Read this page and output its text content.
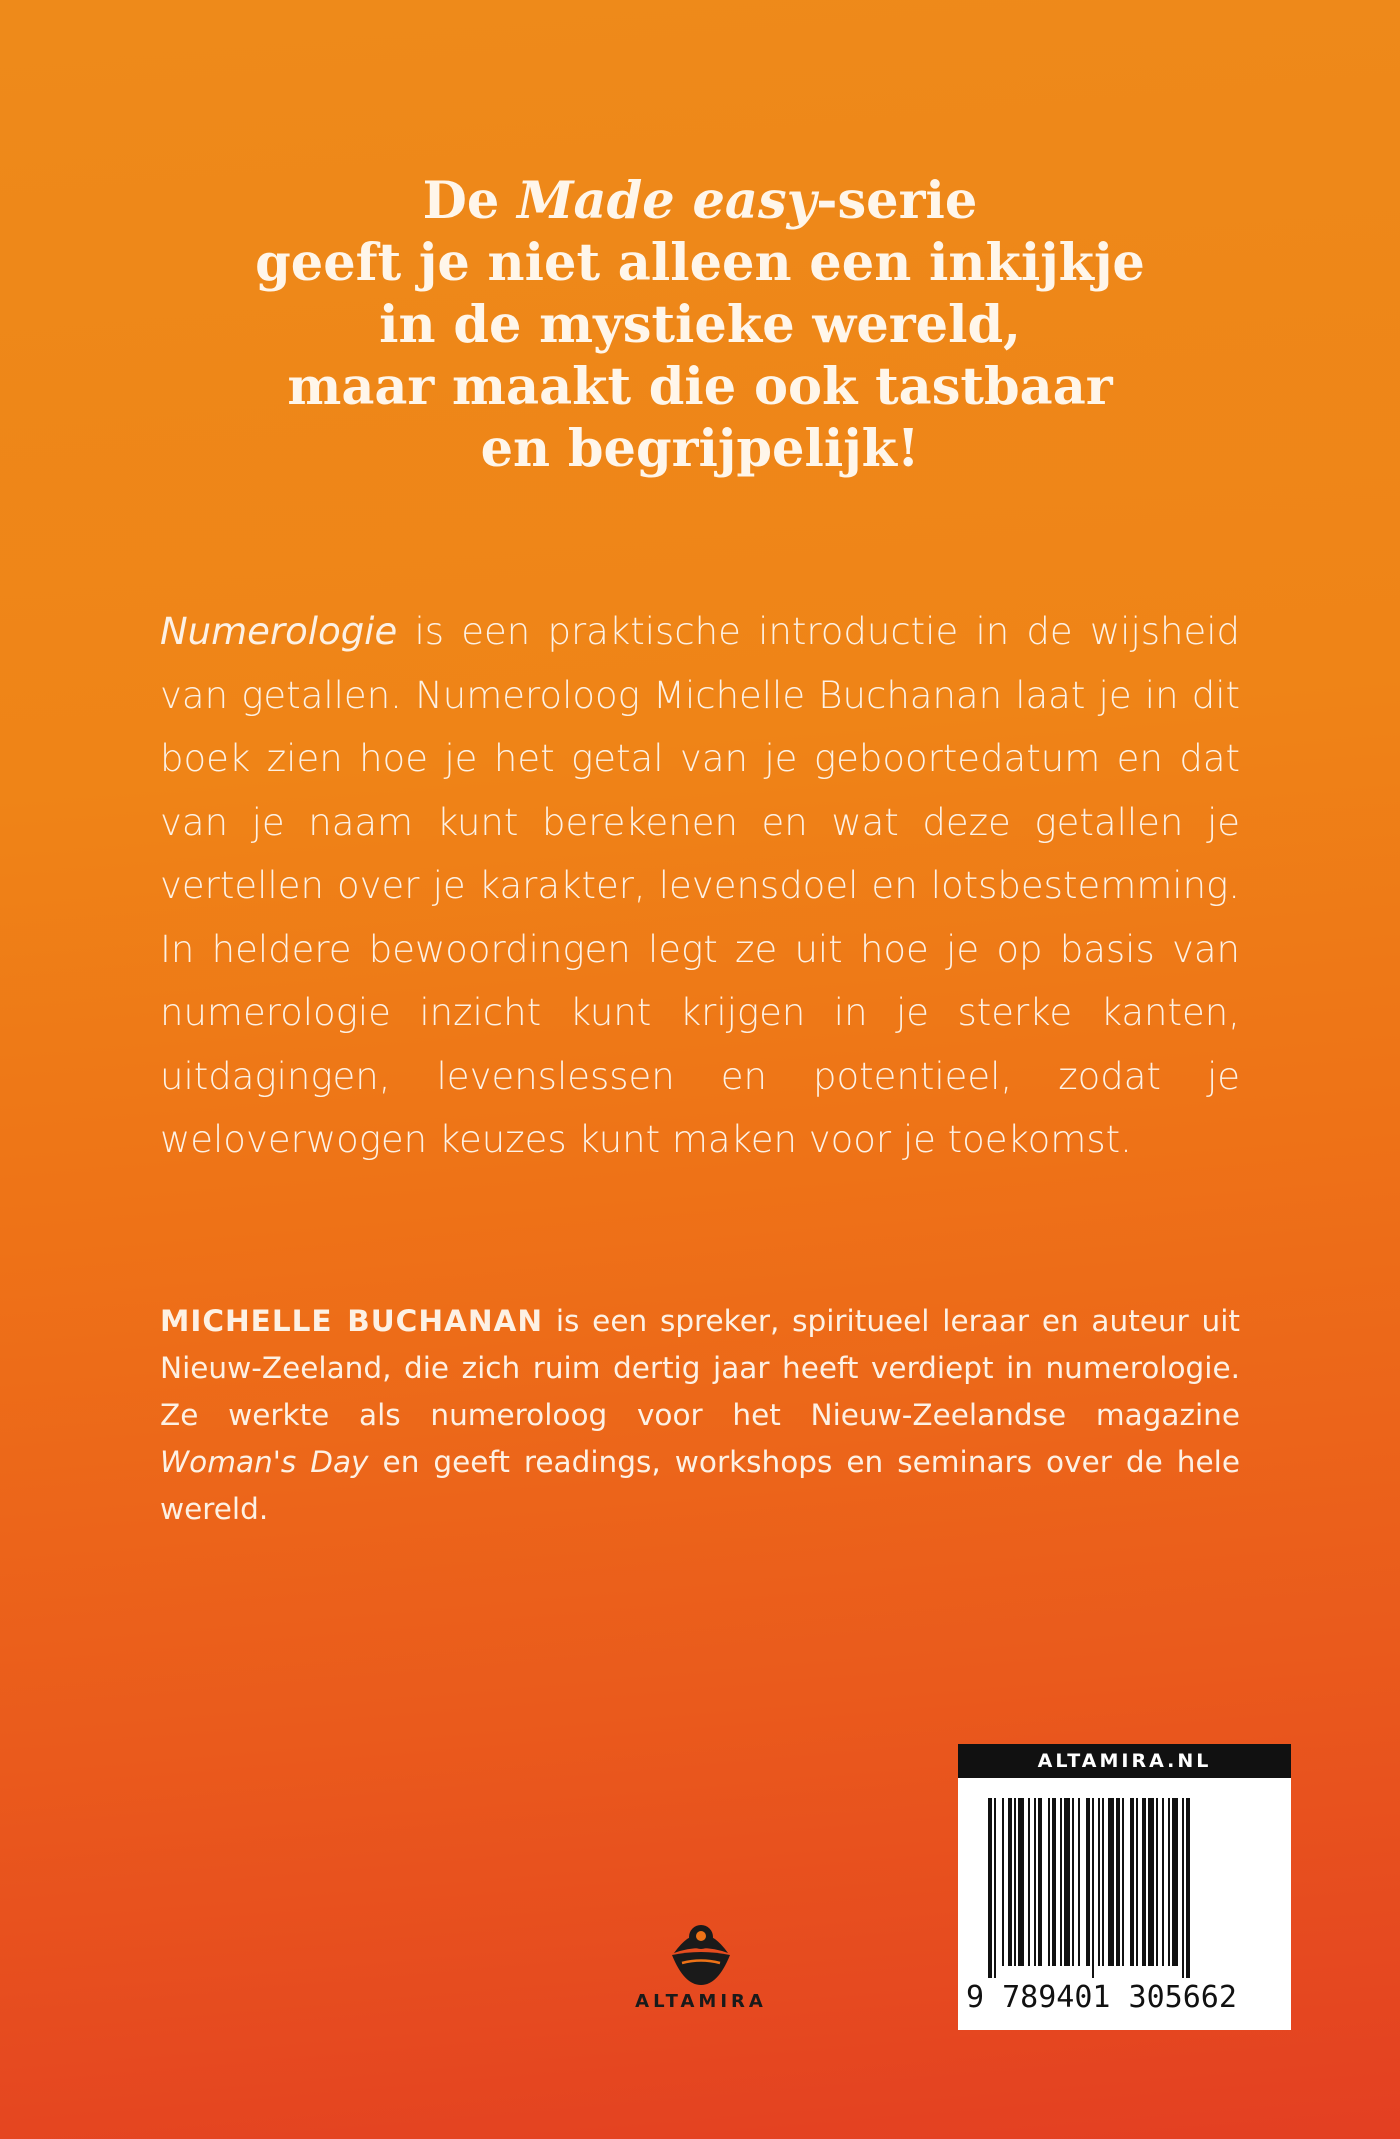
De Made easy-serie
geeft je niet alleen een inkijkje
in de mystieke wereld,
maar maakt die ook tastbaar
en begrijpelijk!
Numerologie is een praktische introductie in de wijsheid van getallen. Numeroloog Michelle Buchanan laat je in dit boek zien hoe je het getal van je geboortedatum en dat van je naam kunt berekenen en wat deze getallen je vertellen over je karakter, levensdoel en lotsbestemming. In heldere bewoordingen legt ze uit hoe je op basis van numerologie inzicht kunt krijgen in je sterke kanten, uitdagingen, levenslessen en potentieel, zodat je weloverwogen keuzes kunt maken voor je toekomst.
MICHELLE BUCHANAN is een spreker, spiritueel leraar en auteur uit Nieuw-Zeeland, die zich ruim dertig jaar heeft verdiept in numerologie. Ze werkte als numeroloog voor het Nieuw-Zeelandse magazine Woman's Day en geeft readings, workshops en seminars over de hele wereld.
ALTAMIRA
ALTAMIRA.NL
9 789401 305662
